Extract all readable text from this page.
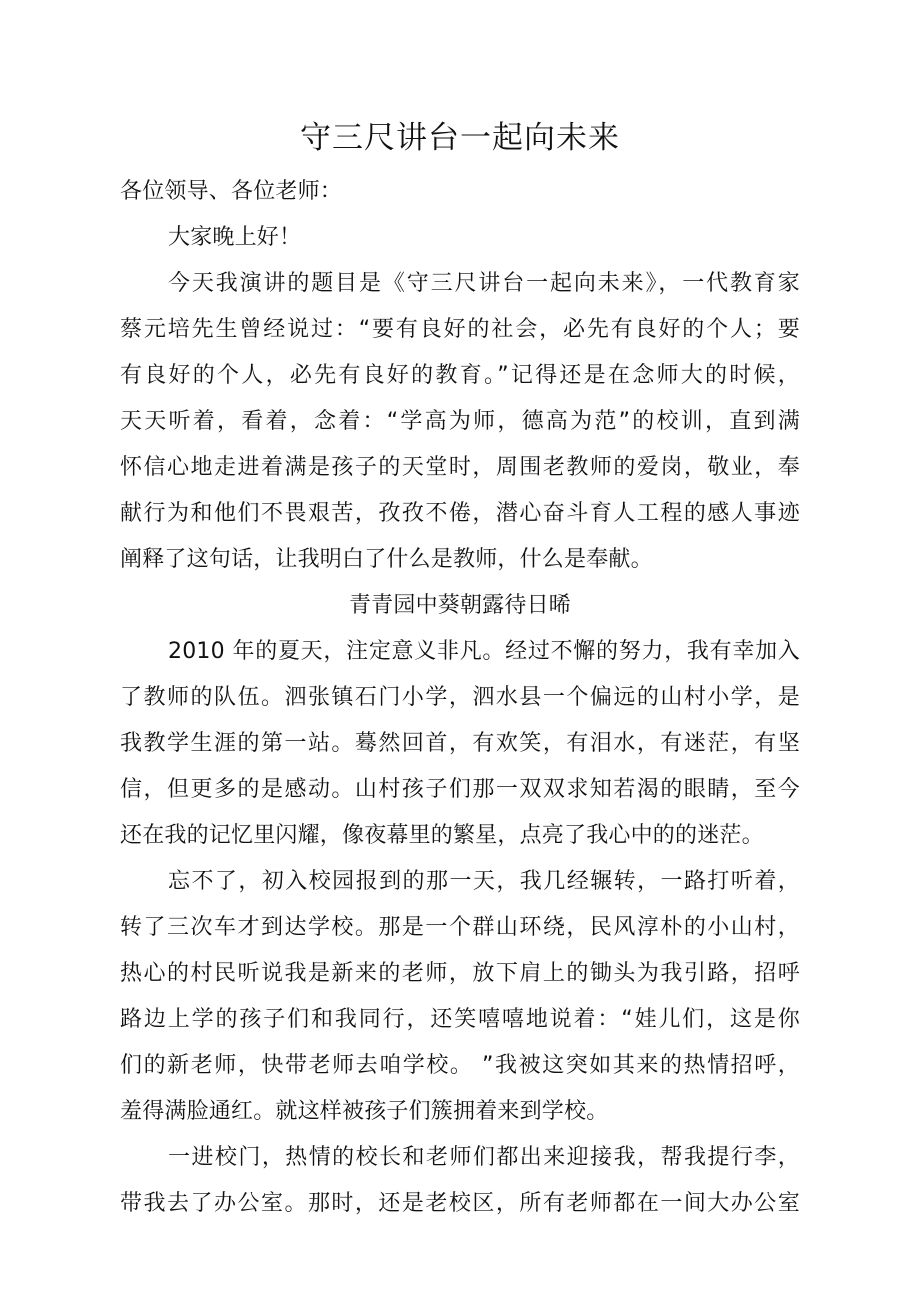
守三尺讲台一起向未来
各位领导、各位老师：
大家晚上好！
今天我演讲的题目是《守三尺讲台一起向未来》，一代教育家
蔡元培先生曾经说过：“要有良好的社会，必先有良好的个人；要
有良好的个人，必先有良好的教育。”记得还是在念师大的时候，
天天听着，看着，念着：“学高为师，德高为范”的校训，直到满
怀信心地走进着满是孩子的天堂时，周围老教师的爱岗，敬业，奉
献行为和他们不畏艰苦，孜孜不倦，潜心奋斗育人工程的感人事迹
阐释了这句话，让我明白了什么是教师，什么是奉献。
青青园中葵朝露待日晞
2010 年的夏天，注定意义非凡。经过不懈的努力，我有幸加入
了教师的队伍。泗张镇石门小学，泗水县一个偏远的山村小学，是
我教学生涯的第一站。蓦然回首，有欢笑，有泪水，有迷茫，有坚
信，但更多的是感动。山村孩子们那一双双求知若渴的眼睛，至今
还在我的记忆里闪耀，像夜幕里的繁星，点亮了我心中的的迷茫。
忘不了，初入校园报到的那一天，我几经辗转，一路打听着，
转了三次车才到达学校。那是一个群山环绕，民风淳朴的小山村，
热心的村民听说我是新来的老师，放下肩上的锄头为我引路，招呼
路边上学的孩子们和我同行，还笑嘻嘻地说着：“娃儿们，这是你
们的新老师，快带老师去咱学校。 ”我被这突如其来的热情招呼，
羞得满脸通红。就这样被孩子们簇拥着来到学校。
一进校门，热情的校长和老师们都出来迎接我，帮我提行李，
带我去了办公室。那时，还是老校区，所有老师都在一间大办公室
